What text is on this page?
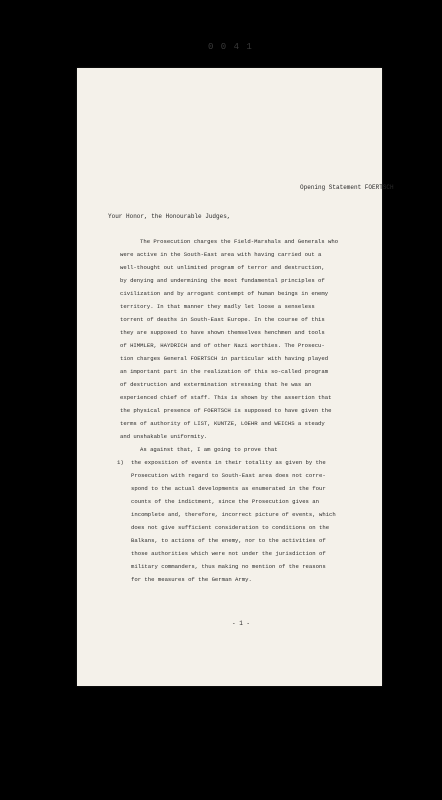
0 0 4 1
Opening Statement FOERTSCH
Your Honor, the Honourable Judges,
The Prosecution charges the Field-Marshals and Generals who
were active in the South-East area with having carried out a
well-thought out unlimited program of terror and destruction,
by denying and undermining the most fundamental principles of
civilization and by arrogant contempt of human beings in enemy
territory. In that manner they madly let loose a senseless
torrent of deaths in South-East Europe. In the course of this
they are supposed to have shown themselves henchmen and tools
of HIMMLER, HAYDRICH and of other Nazi worthies. The Prosecu-
tion charges General FOERTSCH in particular with having played
an important part in the realization of this so-called program
of destruction and extermination stressing that he was an
experienced chief of staff. This is shown by the assertion that
the physical presence of FOERTSCH is supposed to have given the
terms of authority of LIST, KUNTZE, LOEHR and WEICHS a steady
and unshakable uniformity.
As against that, I am going to prove that
1) the exposition of events in their totality as given by the
Prosecution with regard to South-East area does not corre-
spond to the actual developments as enumerated in the four
counts of the indictment, since the Prosecution gives an
incomplete and, therefore, incorrect picture of events, which
does not give sufficient consideration to conditions on the
Balkans, to actions of the enemy, nor to the activities of
those authorities which were not under the jurisdiction of
military commanders, thus making no mention of the reasons
for the measures of the German Army.
- 1 -
